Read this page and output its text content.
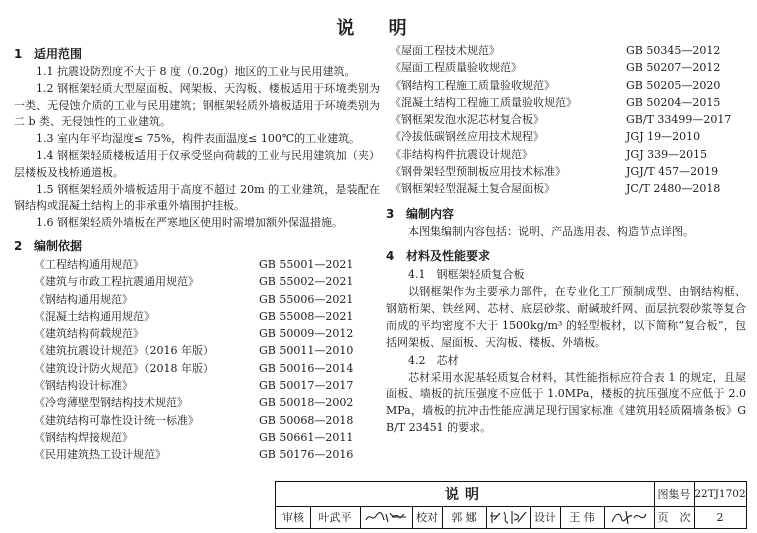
说 明
1 适用范围
1.1 抗震设防烈度不大于 8 度（0.20g）地区的工业与民用建筑。
1.2 钢框架轻质大型屋面板、网架板、天沟板、楼板适用于环境类别为一类、无侵蚀介质的工业与民用建筑；钢框架轻质外墙板适用于环境类别为二 b 类、无侵蚀性的工业建筑。
1.3 室内年平均湿度≤ 75%，构件表面温度≤ 100℃的工业建筑。
1.4 钢框架轻质楼板适用于仅承受竖向荷载的工业与民用建筑加（夹）层楼板及栈桥通道板。
1.5 钢框架轻质外墙板适用于高度不超过 20m 的工业建筑，是装配在钢结构或混凝土结构上的非承重外墙围护挂板。
1.6 钢框架轻质外墙板在严寒地区使用时需增加额外保温措施。
2 编制依据
《工程结构通用规范》	GB 55001—2021
《建筑与市政工程抗震通用规范》	GB 55002—2021
《钢结构通用规范》	GB 55006—2021
《混凝土结构通用规范》	GB 55008—2021
《建筑结构荷载规范》	GB 50009—2012
《建筑抗震设计规范》（2016 年版）	GB 50011—2010
《建筑设计防火规范》（2018 年版）	GB 50016—2014
《钢结构设计标准》	GB 50017—2017
《冷弯薄壁型钢结构技术规范》	GB 50018—2002
《建筑结构可靠性设计统一标准》	GB 50068—2018
《钢结构焊接规范》	GB 50661—2011
《民用建筑热工设计规范》	GB 50176—2016
《屋面工程技术规范》	GB 50345—2012
《屋面工程质量验收规范》	GB 50207—2012
《钢结构工程施工质量验收规范》	GB 50205—2020
《混凝土结构工程施工质量验收规范》	GB 50204—2015
《钢框架发泡水泥芯材复合板》	GB/T 33499—2017
《冷拔低碳钢丝应用技术规程》	JGJ 19—2010
《非结构构件抗震设计规范》	JGJ 339—2015
《钢骨架轻型预制板应用技术标准》	JGJ/T 457—2019
《钢框架轻型混凝土复合屋面板》	JC/T 2480—2018
3 编制内容
本图集编制内容包括：说明、产品选用表、构造节点详图。
4 材料及性能要求
4.1　钢框架轻质复合板
以钢框架作为主要承力部件，在专业化工厂预制成型、由钢结构框、钢筋桁架、铁丝网、芯材、底层砂浆、耐碱玻纤网、面层抗裂砂浆等复合而成的平均密度不大于 1500kg/m³ 的轻型板材，以下简称“复合板”，包括网架板、屋面板、天沟板、楼板、外墙板。
4.2　芯材
芯材采用水泥基轻质复合材料，其性能指标应符合表 1 的规定，且屋面板、墙板的抗压强度不应低于 1.0MPa，楼板的抗压强度不应低于 2.0MPa，墙板的抗冲击性能应满足现行国家标准《建筑用轻质隔墙条板》GB/T 23451 的要求。
说明	图集号 22TJ1702
审核	叶武平	校对	郭 娜	设计	王 伟	页　次	2
